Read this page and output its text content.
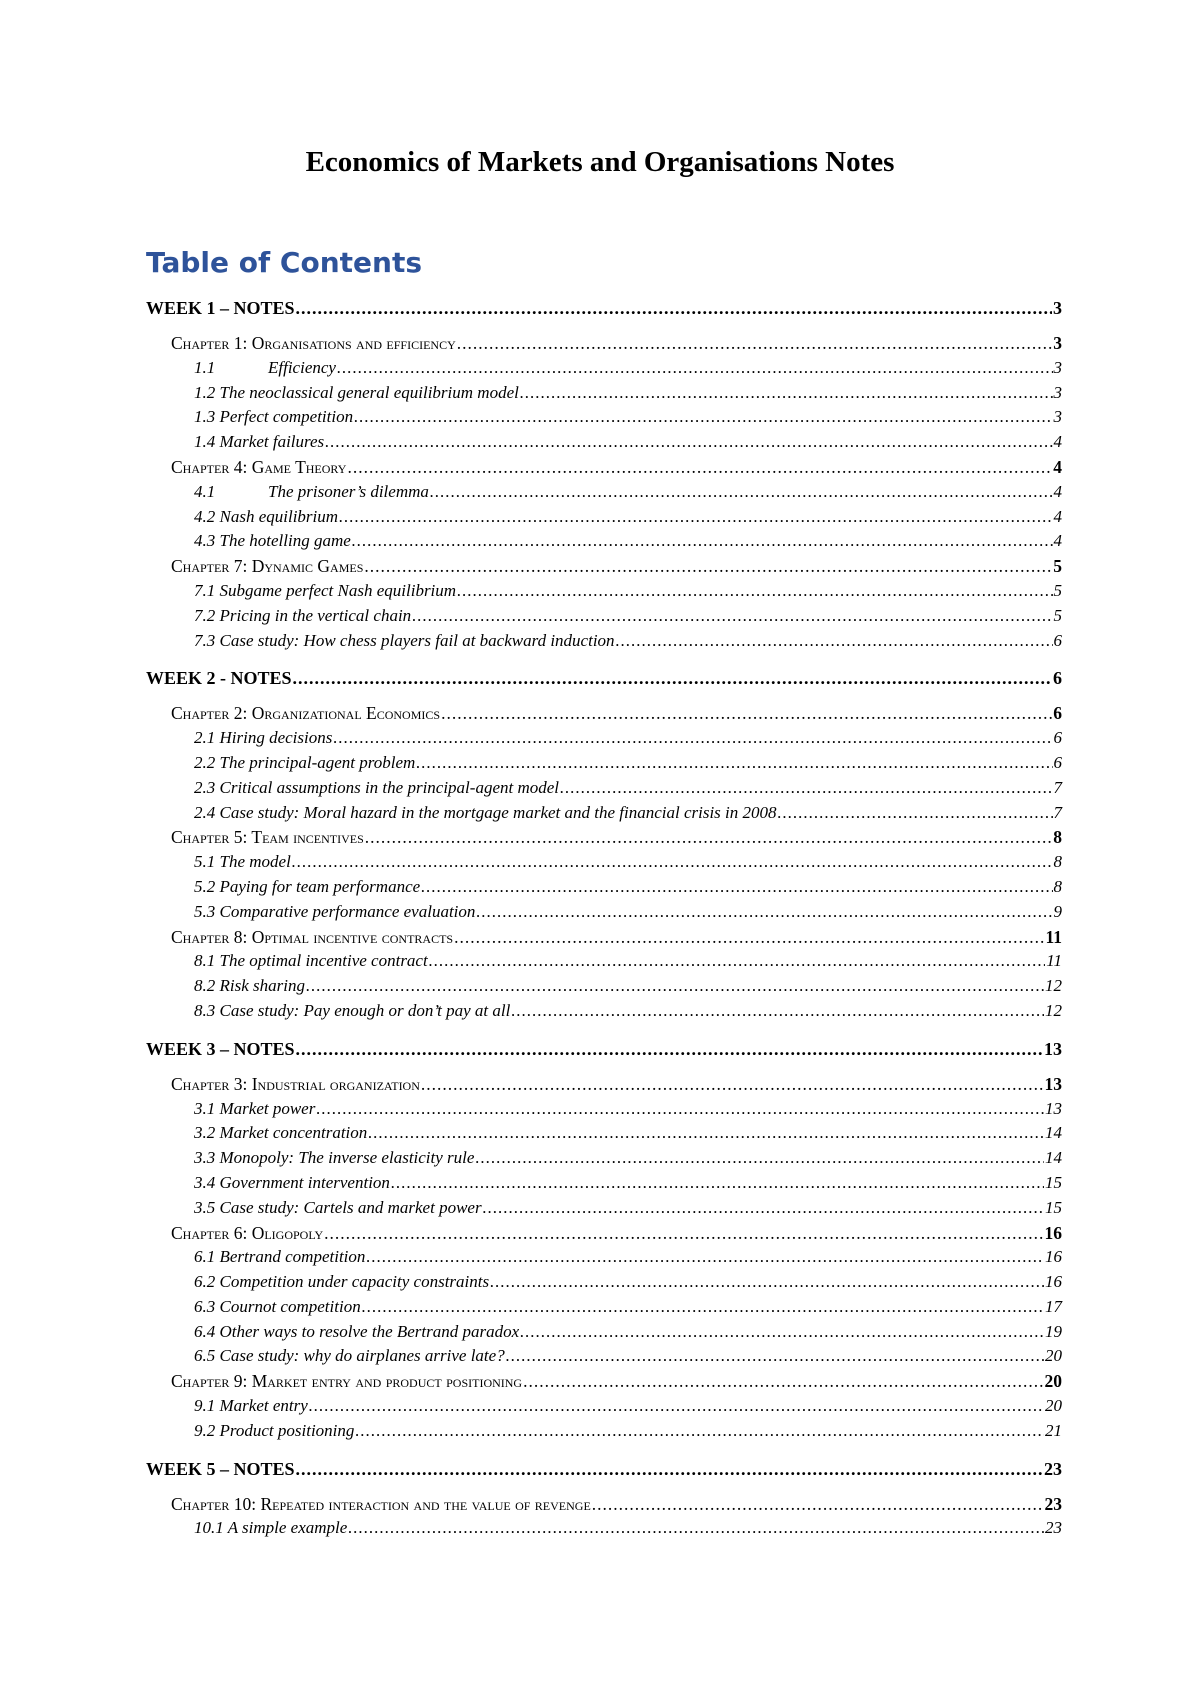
Economics of Markets and Organisations Notes
Table of Contents
WEEK 1 – NOTES .....	3
Chapter 1: Organisations and efficiency .....	3
1.1	Efficiency .....	3
1.2 The neoclassical general equilibrium model .....	3
1.3 Perfect competition .....	3
1.4 Market failures .....	4
Chapter 4: Game Theory .....	4
4.1	The prisoner’s dilemma .....	4
4.2 Nash equilibrium .....	4
4.3 The hotelling game .....	4
Chapter 7: Dynamic Games .....	5
7.1 Subgame perfect Nash equilibrium .....	5
7.2 Pricing in the vertical chain .....	5
7.3 Case study: How chess players fail at backward induction .....	6
WEEK 2 - NOTES .....	6
Chapter 2: Organizational Economics .....	6
2.1 Hiring decisions .....	6
2.2 The principal-agent problem .....	6
2.3 Critical assumptions in the principal-agent model .....	7
2.4 Case study: Moral hazard in the mortgage market and the financial crisis in 2008 .....	7
Chapter 5: Team incentives .....	8
5.1 The model .....	8
5.2 Paying for team performance .....	8
5.3 Comparative performance evaluation .....	9
Chapter 8: Optimal incentive contracts .....	11
8.1 The optimal incentive contract .....	11
8.2 Risk sharing .....	12
8.3 Case study: Pay enough or don’t pay at all .....	12
WEEK 3 – NOTES .....	13
Chapter 3: Industrial organization .....	13
3.1 Market power .....	13
3.2 Market concentration .....	14
3.3 Monopoly: The inverse elasticity rule .....	14
3.4 Government intervention .....	15
3.5 Case study: Cartels and market power .....	15
Chapter 6: Oligopoly .....	16
6.1 Bertrand competition .....	16
6.2 Competition under capacity constraints .....	16
6.3 Cournot competition .....	17
6.4 Other ways to resolve the Bertrand paradox .....	19
6.5 Case study: why do airplanes arrive late? .....	20
Chapter 9: Market entry and product positioning .....	20
9.1 Market entry .....	20
9.2 Product positioning .....	21
WEEK 5 – NOTES .....	23
Chapter 10: Repeated interaction and the value of revenge .....	23
10.1 A simple example .....	23
